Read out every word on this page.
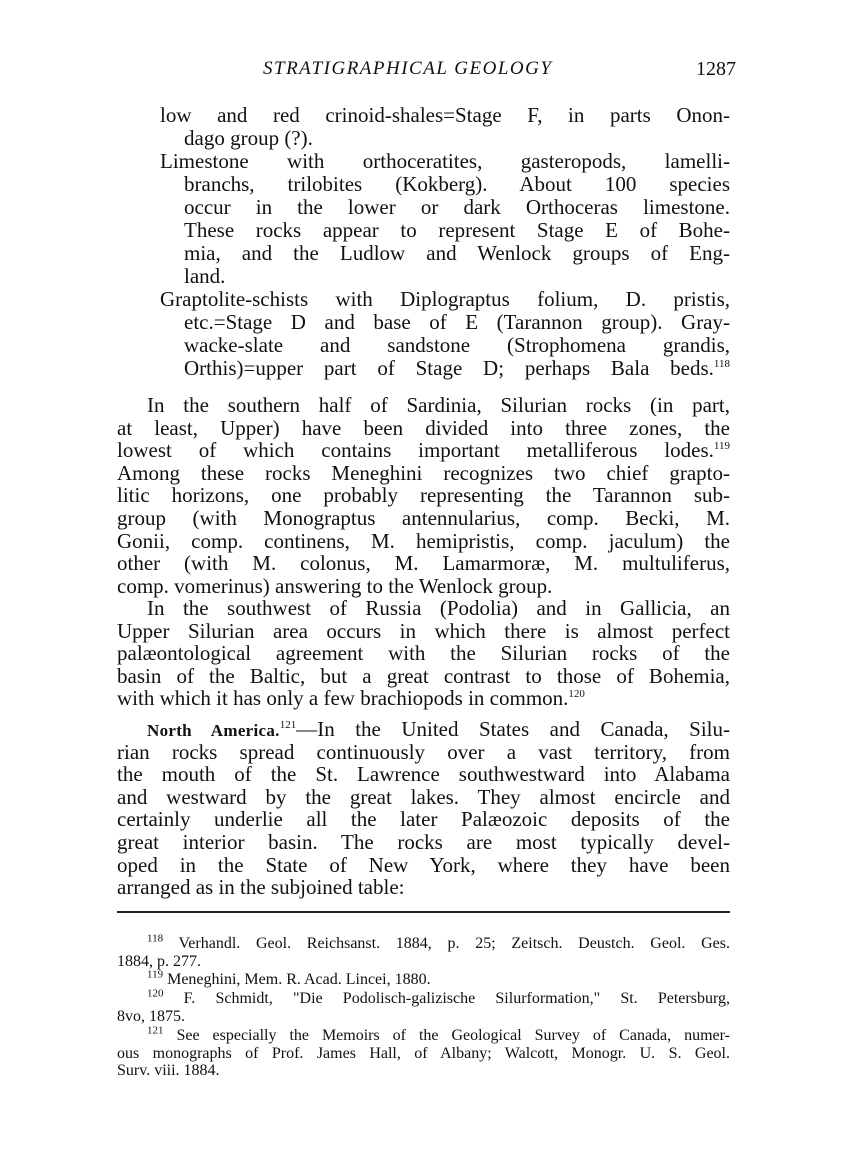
STRATIGRAPHICAL GEOLOGY	1287
low and red crinoid-shales=Stage F, in parts Onon-
dago group (?).
Limestone with orthoceratites, gasteropods, lamelli-
branchs, trilobites (Kokberg). About 100 species
occur in the lower or dark Orthoceras limestone.
These rocks appear to represent Stage E of Bohe-
mia, and the Ludlow and Wenlock groups of Eng-
land.
Graptolite-schists with Diplograptus folium, D. pristis,
etc.=Stage D and base of E (Tarannon group). Gray-
wacke-slate and sandstone (Strophomena grandis,
Orthis)=upper part of Stage D; perhaps Bala beds.$^{118}$
In the southern half of Sardinia, Silurian rocks (in part,
at least, Upper) have been divided into three zones, the
lowest of which contains important metalliferous lodes.$^{119}$
Among these rocks Meneghini recognizes two chief grapto-
litic horizons, one probably representing the Tarannon sub-
group (with Monograptus antennularius, comp. Becki, M.
Gonii, comp. continens, M. hemipristis, comp. jaculum) the
other (with M. colonus, M. Lamarmoræ, M. multuliferus,
comp. vomerinus) answering to the Wenlock group.
In the southwest of Russia (Podolia) and in Gallicia, an
Upper Silurian area occurs in which there is almost perfect
palæontological agreement with the Silurian rocks of the
basin of the Baltic, but a great contrast to those of Bohemia,
with which it has only a few brachiopods in common.$^{120}$
North America.$^{121}$—In the United States and Canada, Silu-
rian rocks spread continuously over a vast territory, from
the mouth of the St. Lawrence southwestward into Alabama
and westward by the great lakes. They almost encircle and
certainly underlie all the later Palæozoic deposits of the
great interior basin. The rocks are most typically devel-
oped in the State of New York, where they have been
arranged as in the subjoined table:
$^{118}$ Verhandl. Geol. Reichsanst. 1884, p. 25; Zeitsch. Deustch. Geol. Ges.
1884, p. 277.
$^{119}$ Meneghini, Mem. R. Acad. Lincei, 1880.
$^{120}$ F. Schmidt, "Die Podolisch-galizische Silurformation," St. Petersburg,
8vo, 1875.
$^{121}$ See especially the Memoirs of the Geological Survey of Canada, numer-
ous monographs of Prof. James Hall, of Albany; Walcott, Monogr. U. S. Geol.
Surv. viii. 1884.
